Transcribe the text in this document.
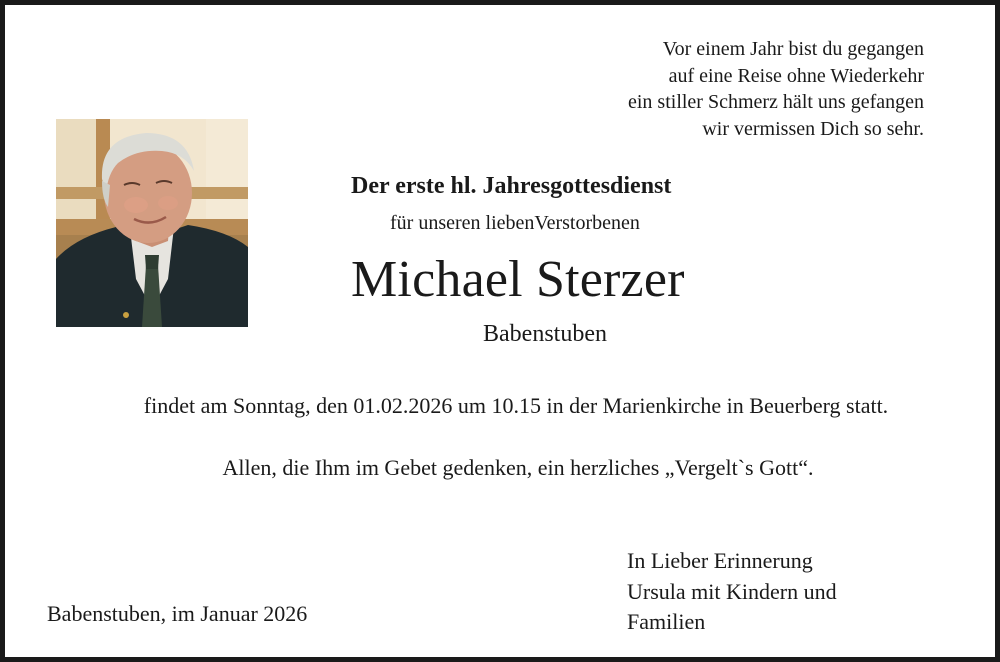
Vor einem Jahr bist du gegangen
auf eine Reise ohne Wiederkehr
ein stiller Schmerz hält uns gefangen
wir vermissen Dich so sehr.
Der erste hl. Jahresgottesdienst
für unseren liebenVerstorbenen
Michael Sterzer
Babenstuben
findet am Sonntag, den 01.02.2026 um 10.15 in der Marienkirche in Beuerberg statt.
Allen, die Ihm im Gebet gedenken, ein herzliches „Vergelt`s Gott“.
Babenstuben, im Januar 2026
In Lieber Erinnerung
Ursula mit Kindern und
Familien
